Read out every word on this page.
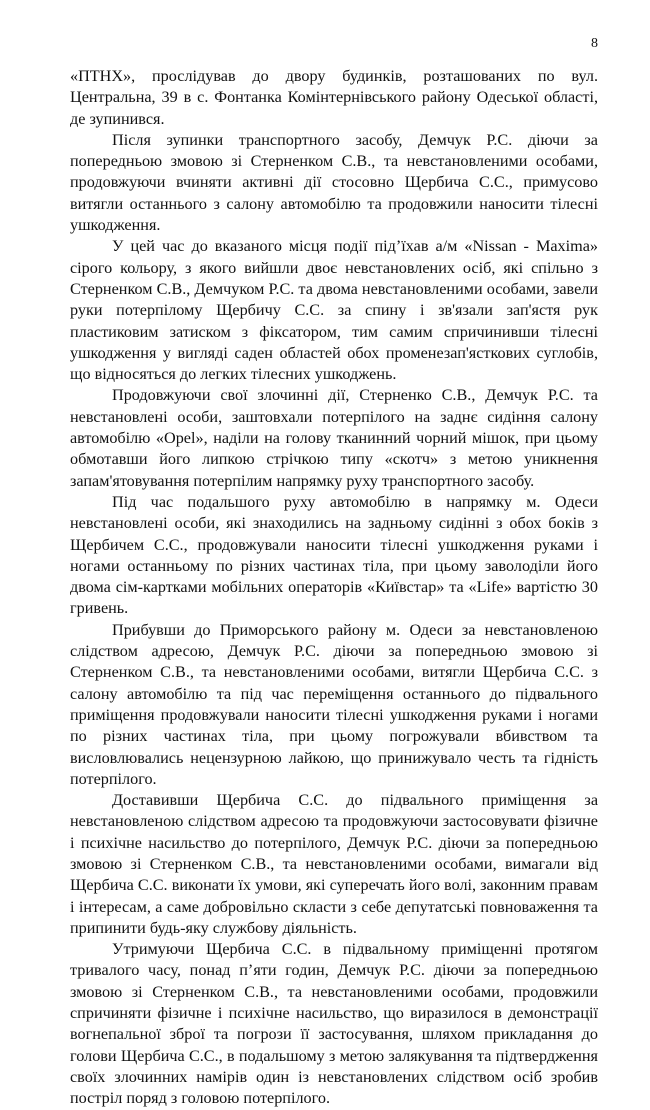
8

«ПТНХ», прослідував до двору будинків, розташованих по вул. Центральна, 39 в с. Фонтанка Комінтернівського району Одеської області, де зупинився.

Після зупинки транспортного засобу, Демчук Р.С. діючи за попередньою змовою зі Стерненком С.В., та невстановленими особами, продовжуючи вчиняти активні дії стосовно Щербича С.С., примусово витягли останнього з салону автомобілю та продовжили наносити тілесні ушкодження.

У цей час до вказаного місця події під’їхав а/м «Nissan - Maxima» сірого кольору, з якого вийшли двоє невстановлених осіб, які спільно з Стерненком С.В., Демчуком Р.С. та двома невстановленими особами, завели руки потерпілому Щербичу С.С. за спину і зв'язали зап'ястя рук пластиковим затиском з фіксатором, тим самим спричинивши тілесні ушкодження у вигляді саден областей обох променезап'ясткових суглобів, що відносяться до легких тілесних ушкоджень.

Продовжуючи свої злочинні дії, Стерненко С.В., Демчук Р.С. та невстановлені особи, заштовхали потерпілого на заднє сидіння салону автомобілю «Opel», наділи на голову тканинний чорний мішок, при цьому обмотавши його липкою стрічкою типу «скотч» з метою уникнення запам'ятовування потерпілим напрямку руху транспортного засобу.

Під час подальшого руху автомобілю в напрямку м. Одеси невстановлені особи, які знаходились на задньому сидінні з обох боків з Щербичем С.С., продовжували наносити тілесні ушкодження руками і ногами останньому по різних частинах тіла, при цьому заволоділи його двома сім-картками мобільних операторів «Київстар» та «Life» вартістю 30 гривень.

Прибувши до Приморського району м. Одеси за невстановленою слідством адресою, Демчук Р.С. діючи за попередньою змовою зі Стерненком С.В., та невстановленими особами, витягли Щербича С.С. з салону автомобілю та під час переміщення останнього до підвального приміщення продовжували наносити тілесні ушкодження руками і ногами по різних частинах тіла, при цьому погрожували вбивством та висловлювались нецензурною лайкою, що принижувало честь та гідність потерпілого.

Доставивши Щербича С.С. до підвального приміщення за невстановленою слідством адресою та продовжуючи застосовувати фізичне і психічне насильство до потерпілого, Демчук Р.С. діючи за попередньою змовою зі Стерненком С.В., та невстановленими особами, вимагали від Щербича С.С. виконати їх умови, які суперечать його волі, законним правам і інтересам, а саме добровільно скласти з себе депутатські повноваження та припинити будь-яку службову діяльність.

Утримуючи Щербича С.С. в підвальному приміщенні протягом тривалого часу, понад п’яти годин, Демчук Р.С. діючи за попередньою змовою зі Стерненком С.В., та невстановленими особами, продовжили спричиняти фізичне і психічне насильство, що виразилося в демонстрації вогнепальної зброї та погрози її застосування, шляхом прикладання до голови Щербича С.С., в подальшому з метою залякування та підтвердження своїх злочинних намірів один із невстановлених слідством осіб зробив постріл поряд з головою потерпілого.
